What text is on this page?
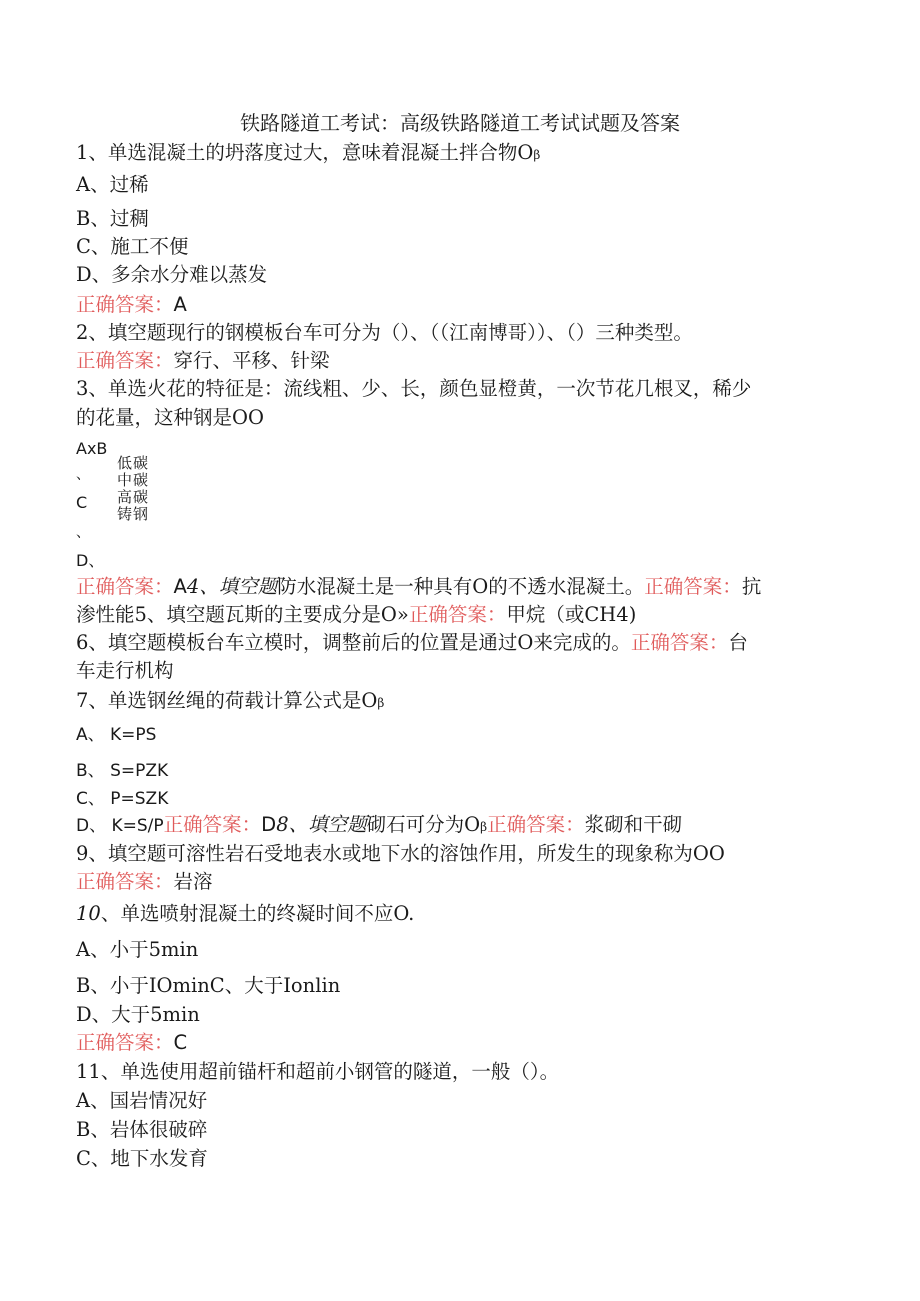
铁路隧道工考试：高级铁路隧道工考试试题及答案
1、单选混凝土的坍落度过大，意味着混凝土拌合物Oβ
A、过稀
B、过稠
C、施工不便
D、多余水分难以蒸发
正确答案：A
2、填空题现行的钢模板台车可分为（）、（（江南博哥））、（）三种类型。
正确答案：穿行、平移、针梁
3、单选火花的特征是：流线粗、少、长，颜色显橙黄，一次节花几根叉，稀少
的花量，这种钢是OO
AxB
、
C
、
D、
低碳
中碳
高碳
铸钢
正确答案：A4、填空题防水混凝土是一种具有O的不透水混凝土。正确答案：抗
渗性能5、填空题瓦斯的主要成分是O»正确答案：甲烷（或CH4)
6、填空题模板台车立模时，调整前后的位置是通过O来完成的。正确答案：台
车走行机构
7、单选钢丝绳的荷载计算公式是Oβ
A、 K=PS
B、 S=PZK
C、 P=SZK
D、 K=S/P正确答案：D8、填空题砌石可分为Oβ正确答案：浆砌和干砌
9、填空题可溶性岩石受地表水或地下水的溶蚀作用，所发生的现象称为OO
正确答案：岩溶
10、单选喷射混凝土的终凝时间不应O.
A、小于5min
B、小于IOminC、大于Ionlin
D、大于5min
正确答案：C
11、单选使用超前锚杆和超前小钢管的隧道，一般（）。
A、国岩情况好
B、岩体很破碎
C、地下水发育
